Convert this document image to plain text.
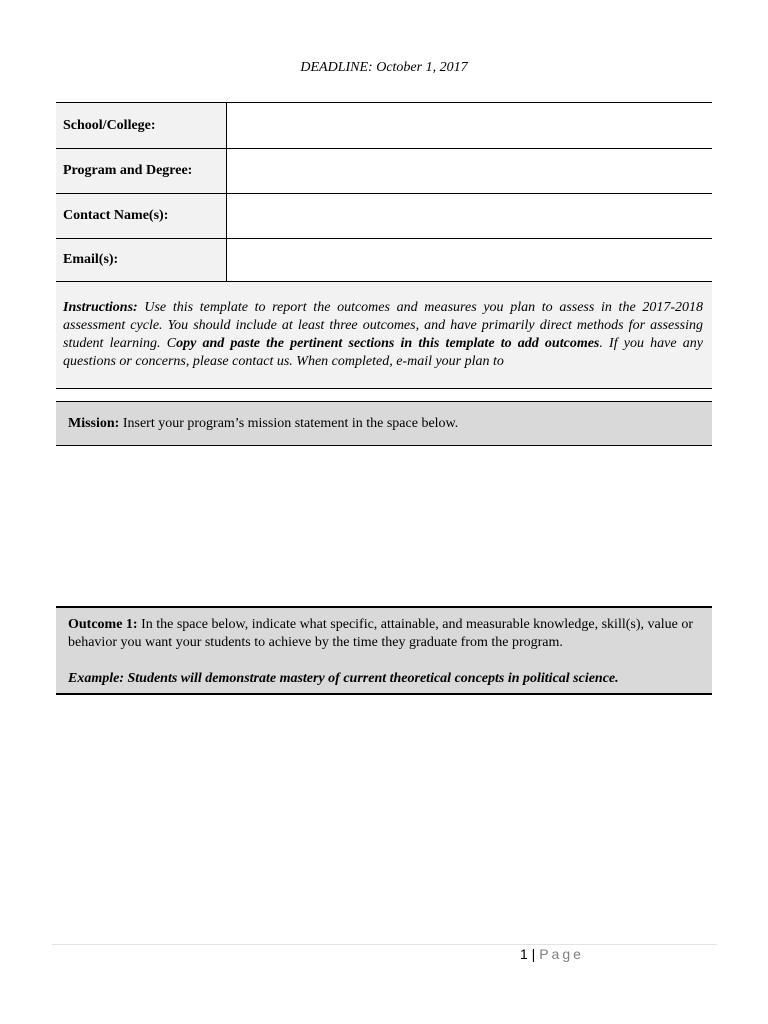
DEADLINE: October 1, 2017
School/College:	
Program and Degree:	
Contact Name(s):	
Email(s):	
Instructions: Use this template to report the outcomes and measures you plan to assess in the 2017-2018 assessment cycle. You should include at least three outcomes, and have primarily direct methods for assessing student learning. Copy and paste the pertinent sections in this template to add outcomes. If you have any questions or concerns, please contact us. When completed, e-mail your plan to
Mission: Insert your program’s mission statement in the space below.
Outcome 1: In the space below, indicate what specific, attainable, and measurable knowledge, skill(s), value or behavior you want your students to achieve by the time they graduate from the program.
Example: Students will demonstrate mastery of current theoretical concepts in political science.
1 | Page
